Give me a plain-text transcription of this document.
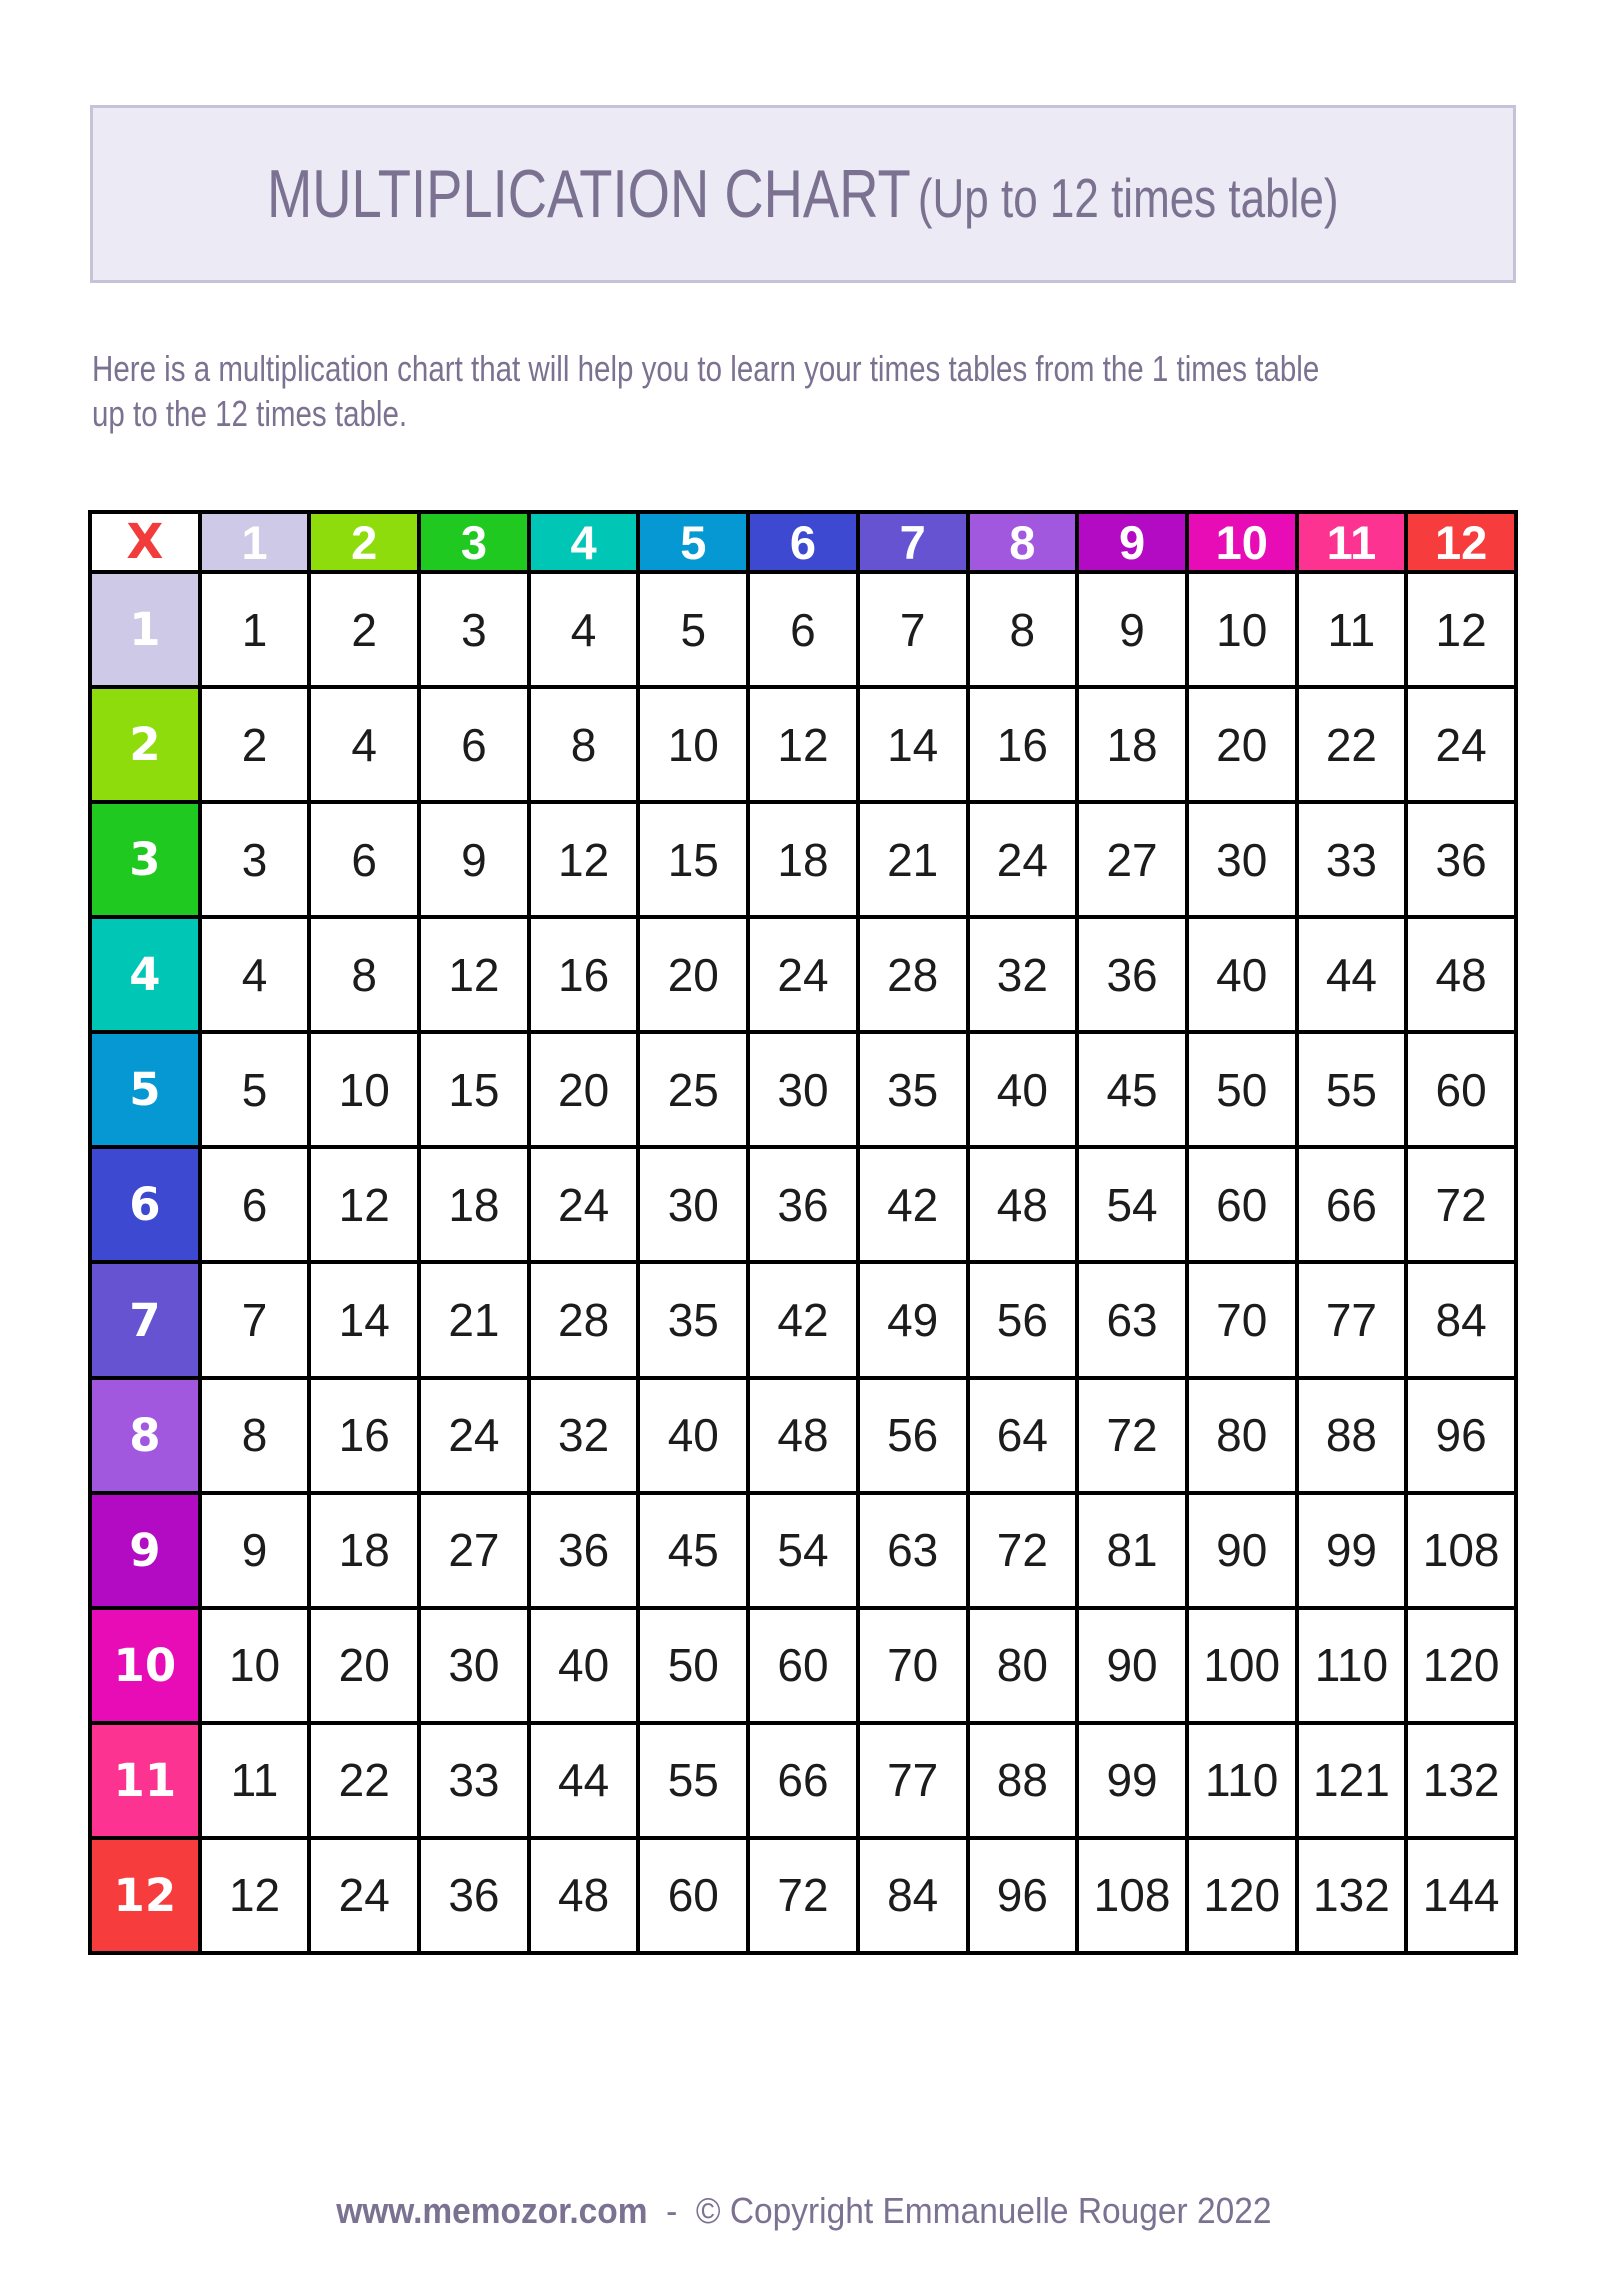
MULTIPLICATION CHART (Up to 12 times table)
Here is a multiplication chart that will help you to learn your times tables from the 1 times table
up to the 12 times table.
X	1	2	3	4	5	6	7	8	9	10	11	12
1	1	2	3	4	5	6	7	8	9	10	11	12
2	2	4	6	8	10	12	14	16	18	20	22	24
3	3	6	9	12	15	18	21	24	27	30	33	36
4	4	8	12	16	20	24	28	32	36	40	44	48
5	5	10	15	20	25	30	35	40	45	50	55	60
6	6	12	18	24	30	36	42	48	54	60	66	72
7	7	14	21	28	35	42	49	56	63	70	77	84
8	8	16	24	32	40	48	56	64	72	80	88	96
9	9	18	27	36	45	54	63	72	81	90	99	108
10	10	20	30	40	50	60	70	80	90	100	110	120
11	11	22	33	44	55	66	77	88	99	110	121	132
12	12	24	36	48	60	72	84	96	108	120	132	144
www.memozor.com - © Copyright Emmanuelle Rouger 2022
